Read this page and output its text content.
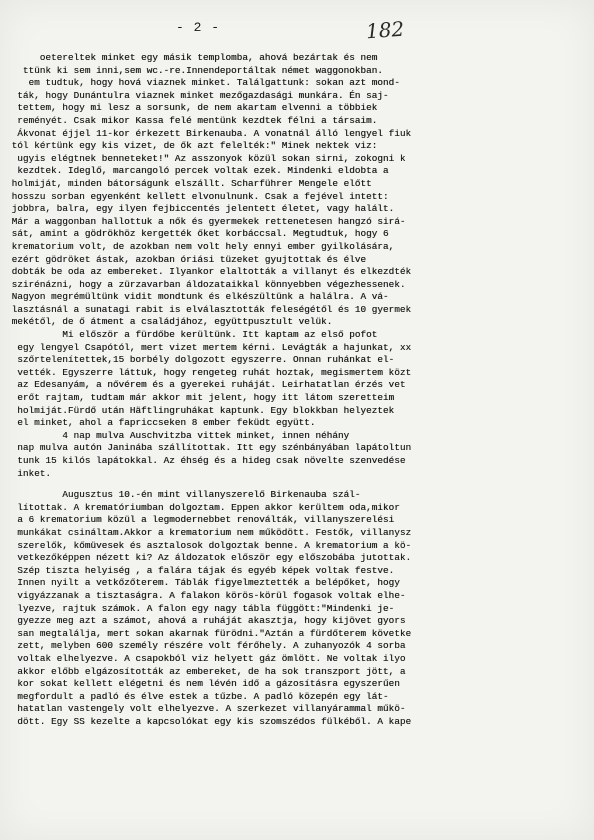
- 2 -	182
oetereltek minket egy másik templomba, ahová bezártak és nem
ttünk ki sem inni,sem wc.-re.Innendeportáltak német waggonokban.
em tudtuk, hogy hová viaznek minket. Találgattunk: sokan azt mond-
ták, hogy Dunántulra viaznek minket mezőgazdasági munkára. Én saj-
tettem, hogy mi lesz a sorsunk, de nem akartam elvenni a többiek
reményét. Csak mikor Kassa felé mentünk kezdtek félni a társaim.
Ákvonat éjjel 11-kor érkezett Birkenauba. A vonatnál álló lengyel fiuk
tól kértünk egy kis vizet, de ők azt felelték:" Minek nektek viz:
ugyis elégtnek benneteket!" Az asszonyok közül sokan sirni, zokogni k
kezdtek. Ideglő, marcangoló percek voltak ezek. Mindenki eldobta a
holmiját, minden bátorságunk elszállt. Scharführer Mengele előtt
hosszu sorban egyenként kellett elvonulnunk. Csak a fejével intett:
jobbra, balra, egy ilyen fejbiccentés jelentett életet, vagy halált.
Már a waggonban hallottuk a nők és gyermekek rettenetesen hangzó sirá-
sát, amint a gödrökhöz kergették őket korbáccsal. Megtudtuk, hogy 6
krematorium volt, de azokban nem volt hely ennyi ember gyilkolására,
ezért gödröket ástak, azokban óriási tüzeket gyujtottak és élve
dobták be oda az embereket. Ilyankor elaltották a villanyt és elkezdték
szirénázni, hogy a zürzavarban áldozataikkal könnyebben végezhessenek.
Nagyon megrémültünk vidit mondtunk és elkészültünk a halálra. A vá-
lasztásnál a sunatagi rabit is elválasztották feleségétől és 10 gyermek
mekétől, de ő átment a családjához, együttpusztult velük.
Mi először a fürdőbe kerültünk. Itt kaptam az első pofot
egy lengyel Csapótól, mert vizet mertem kérni. Levágták a hajunkat, xx
szőrtelenítettek,15 borbély dolgozott egyszerre. Onnan ruhánkat el-
vették. Egyszerre láttuk, hogy rengeteg ruhát hoztak, megismertem közt
az Edesanyám, a nővérem és a gyerekei ruháját. Leirhatatlan érzés vet
erőt rajtam, tudtam már akkor mit jelent, hogy itt látom szeretteim
holmiját.Fürdő után Häftlingruhákat kaptunk. Egy blokkban helyeztek
el minket, ahol a fapriccseken 8 ember feküdt együtt.
4 nap mulva Auschvitzba vittek minket, innen néhány
nap mulva autón Janinába szállítottak. Itt egy szénbányában lapátoltun
tunk 15 kilós lapátokkal. Az éhség és a hideg csak növelte szenvedése
inket.
Augusztus 10.-én mint villanyszerelő Birkenauba szál-
lítottak. A krematóriumban dolgoztam. Eppen akkor kerültem oda,mikor
a 6 krematorium közül a legmodernebbet renoválták, villanyszerelési
munkákat csináltam.Akkor a krematorium nem működött. Festők, villanysz
szerelők, kőmüvesek és asztalosok dolgoztak benne. A krematorium a kö-
vetkezőképpen nézett ki? Az áldozatok először egy előszobába jutottak.
Szép tiszta helyiség , a falára tájak és egyéb képek voltak festve.
Innen nyilt a vetkőzőterem. Táblák figyelmeztették a belépőket, hogy
vigyázzanak a tisztaságra. A falakon körös-körül fogasok voltak elhe-
lyezve, rajtuk számok. A falon egy nagy tábla függött:"Mindenki je-
gyezze meg azt a számot, ahová a ruháját akasztja, hogy kijövet gyors
san megtalálja, mert sokan akarnak fürödni."Aztán a fürdőterem követke
zett, melyben 600 személy részére volt férőhely. A zuhanyozók 4 sorba
voltak elhelyezve. A csapokból viz helyett gáz ömlött. Ne voltak ilyo
akkor előbb elgázosították az embereket, de ha sok transzport jött, a
kor sokat kellett elégetni és nem lévén idő a gázosításra egyszerűen
megfordult a padló és élve estek a tűzbe. A padló közepén egy lát-
hatatlan vastengely volt elhelyezve. A szerkezet villanyárammal műkö-
dött. Egy SS kezelte a kapcsolókat egy kis szomszédos fülkéből. A kape
